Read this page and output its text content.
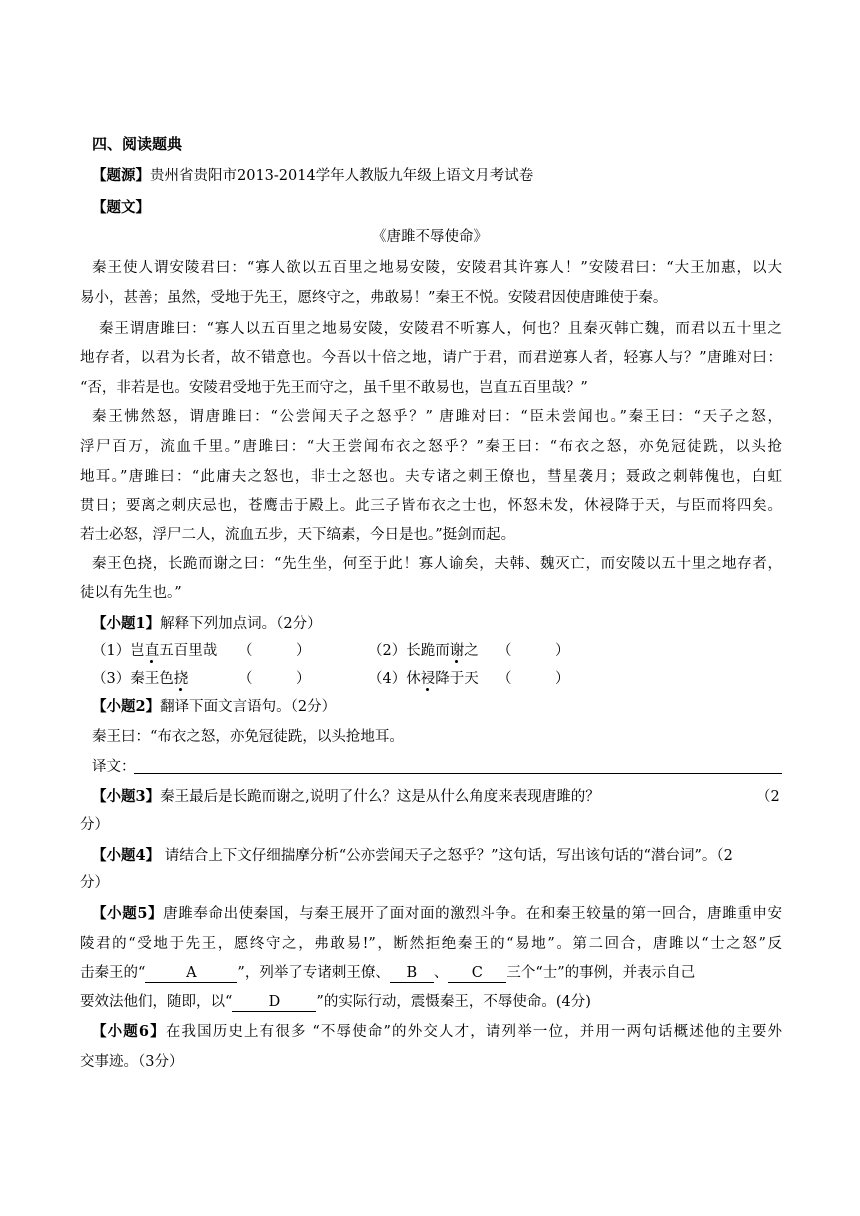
四、阅读题典
【题源】贵州省贵阳市2013-2014学年人教版九年级上语文月考试卷
【题文】
《唐雎不辱使命》
秦王使人谓安陵君曰：“寡人欲以五百里之地易安陵，安陵君其许寡人！”安陵君曰：“大王加惠，以大
易小，甚善；虽然，受地于先王，愿终守之，弗敢易！”秦王不悦。安陵君因使唐雎使于秦。
秦王谓唐雎曰：“寡人以五百里之地易安陵，安陵君不听寡人，何也？且秦灭韩亡魏，而君以五十里之
地存者，以君为长者，故不错意也。今吾以十倍之地，请广于君，而君逆寡人者，轻寡人与？”唐雎对曰：
“否，非若是也。安陵君受地于先王而守之，虽千里不敢易也，岂直五百里哉？”
秦王怫然怒，谓唐雎曰：“公尝闻天子之怒乎？” 唐雎对曰：“臣未尝闻也。”秦王曰：“天子之怒，
浮尸百万，流血千里。”唐雎曰：“大王尝闻布衣之怒乎？”秦王曰：“布衣之怒，亦免冠徒跣，以头抢
地耳。”唐雎曰：“此庸夫之怒也，非士之怒也。夫专诸之刺王僚也，彗星袭月；聂政之刺韩傀也，白虹
贯日；要离之刺庆忌也，苍鹰击于殿上。此三子皆布衣之士也，怀怒未发，休祲降于天，与臣而将四矣。
若士必怒，浮尸二人，流血五步，天下缟素，今日是也。”挺剑而起。
秦王色挠，长跪而谢之曰：“先生坐，何至于此！寡人谕矣，夫韩、魏灭亡，而安陵以五十里之地存者，
徒以有先生也。”
【小题1】解释下列加点词。（2分）
（1）岂直五百里哉 （　　　）	（2）长跪而谢之 （　　　）
（3）秦王色挠	（　　　）	（4）休祲降于天 （　　　）
【小题2】翻译下面文言语句。（2分）
秦王曰：“布衣之怒，亦免冠徒跣，以头抢地耳。
译文：
【小题3】秦王最后是长跪而谢之,说明了什么？这是从什么角度来表现唐雎的？	（2
分）
【小题4】 请结合上下文仔细揣摩分析“公亦尝闻天子之怒乎？”这句话，写出该句话的“潜台词”。（2
分）
【小题5】唐雎奉命出使秦国，与秦王展开了面对面的激烈斗争。在和秦王较量的第一回合，唐雎重申安
陵君的“受地于先王，愿终守之，弗敢易!”，断然拒绝秦王的“易地”。第二回合，唐雎以“士之怒”反
击秦王的“	A	”，列举了专诸刺王僚、 B 、 C 三个“士”的事例，并表示自己
要效法他们，随即，以“ D ”的实际行动，震慑秦王，不辱使命。(4分)
【小题6】在我国历史上有很多 “不辱使命”的外交人才，请列举一位，并用一两句话概述他的主要外
交事迹。（3分）
